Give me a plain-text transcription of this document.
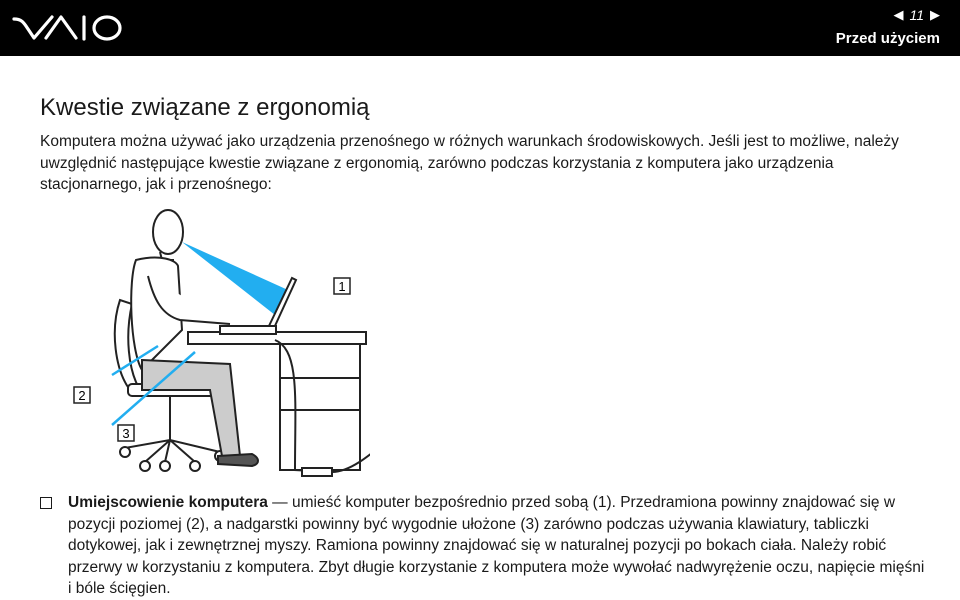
◀ 11 ▶
Przed użyciem
Kwestie związane z ergonomią

Komputera można używać jako urządzenia przenośnego w różnych warunkach środowiskowych. Jeśli jest to możliwe, należy uwzględnić następujące kwestie związane z ergonomią, zarówno podczas korzystania z komputera jako urządzenia stacjonarnego, jak i przenośnego:

1
2
3
Umiejscowienie komputera — umieść komputer bezpośrednio przed sobą (1). Przedramiona powinny znajdować się w pozycji poziomej (2), a nadgarstki powinny być wygodnie ułożone (3) zarówno podczas używania klawiatury, tabliczki dotykowej, jak i zewnętrznej myszy. Ramiona powinny znajdować się w naturalnej pozycji po bokach ciała. Należy robić przerwy w korzystaniu z komputera. Zbyt długie korzystanie z komputera może wywołać nadwyrężenie oczu, napięcie mięśni i bóle ścięgien.
